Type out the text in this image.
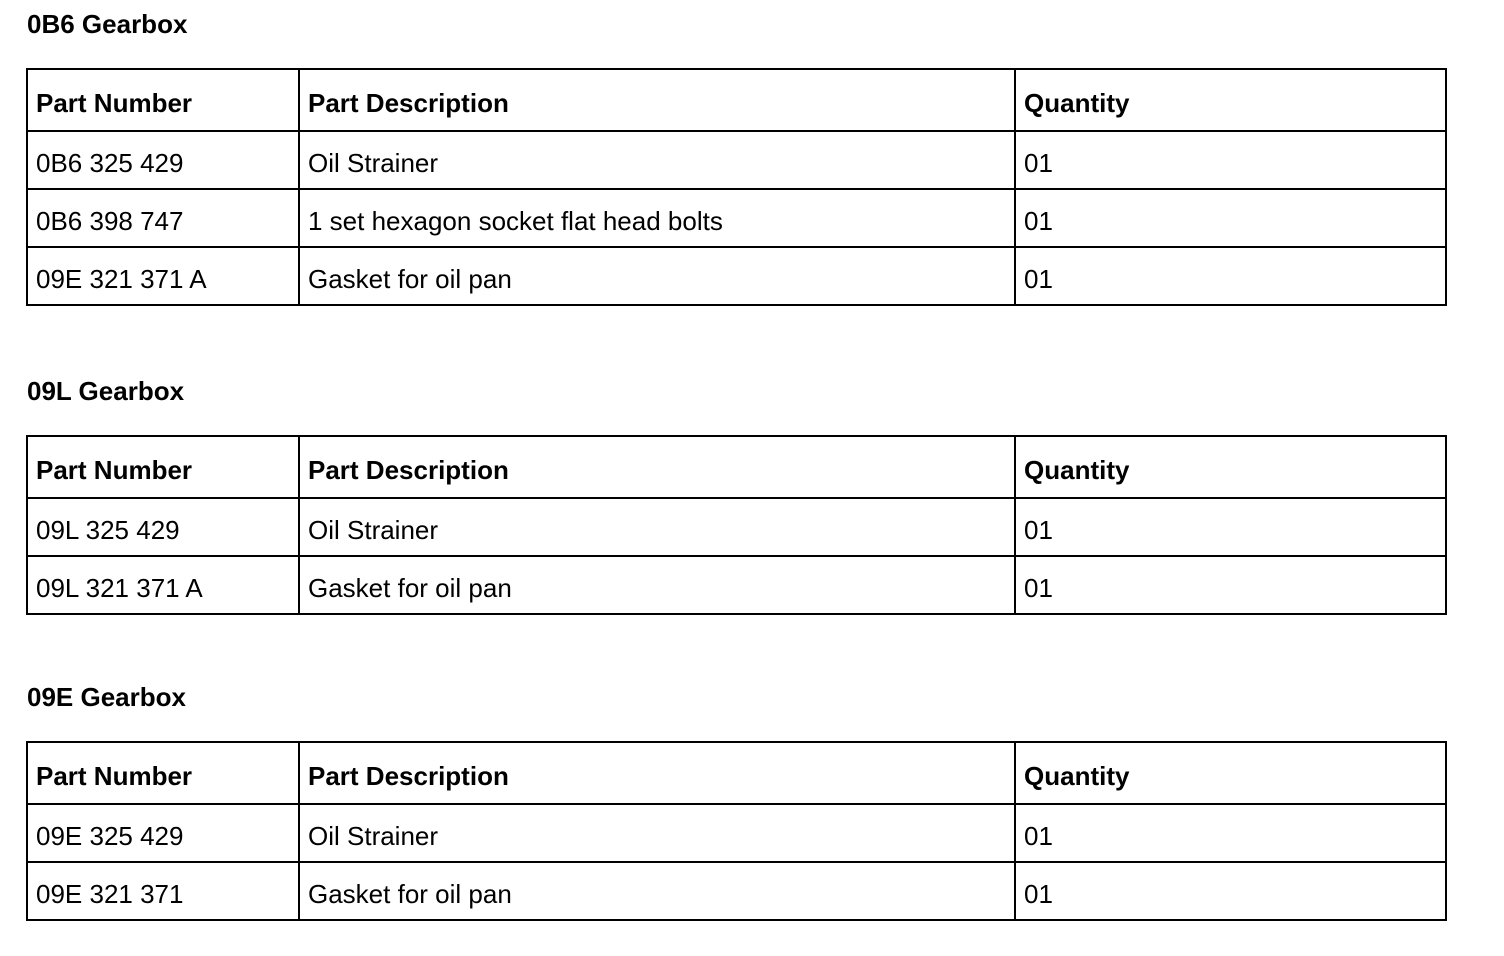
0B6 Gearbox
Part Number	Part Description	Quantity
0B6 325 429	Oil Strainer	01
0B6 398 747	1 set hexagon socket flat head bolts	01
09E 321 371 A	Gasket for oil pan	01
09L Gearbox
Part Number	Part Description	Quantity
09L 325 429	Oil Strainer	01
09L 321 371 A	Gasket for oil pan	01
09E Gearbox
Part Number	Part Description	Quantity
09E 325 429	Oil Strainer	01
09E 321 371	Gasket for oil pan	01
